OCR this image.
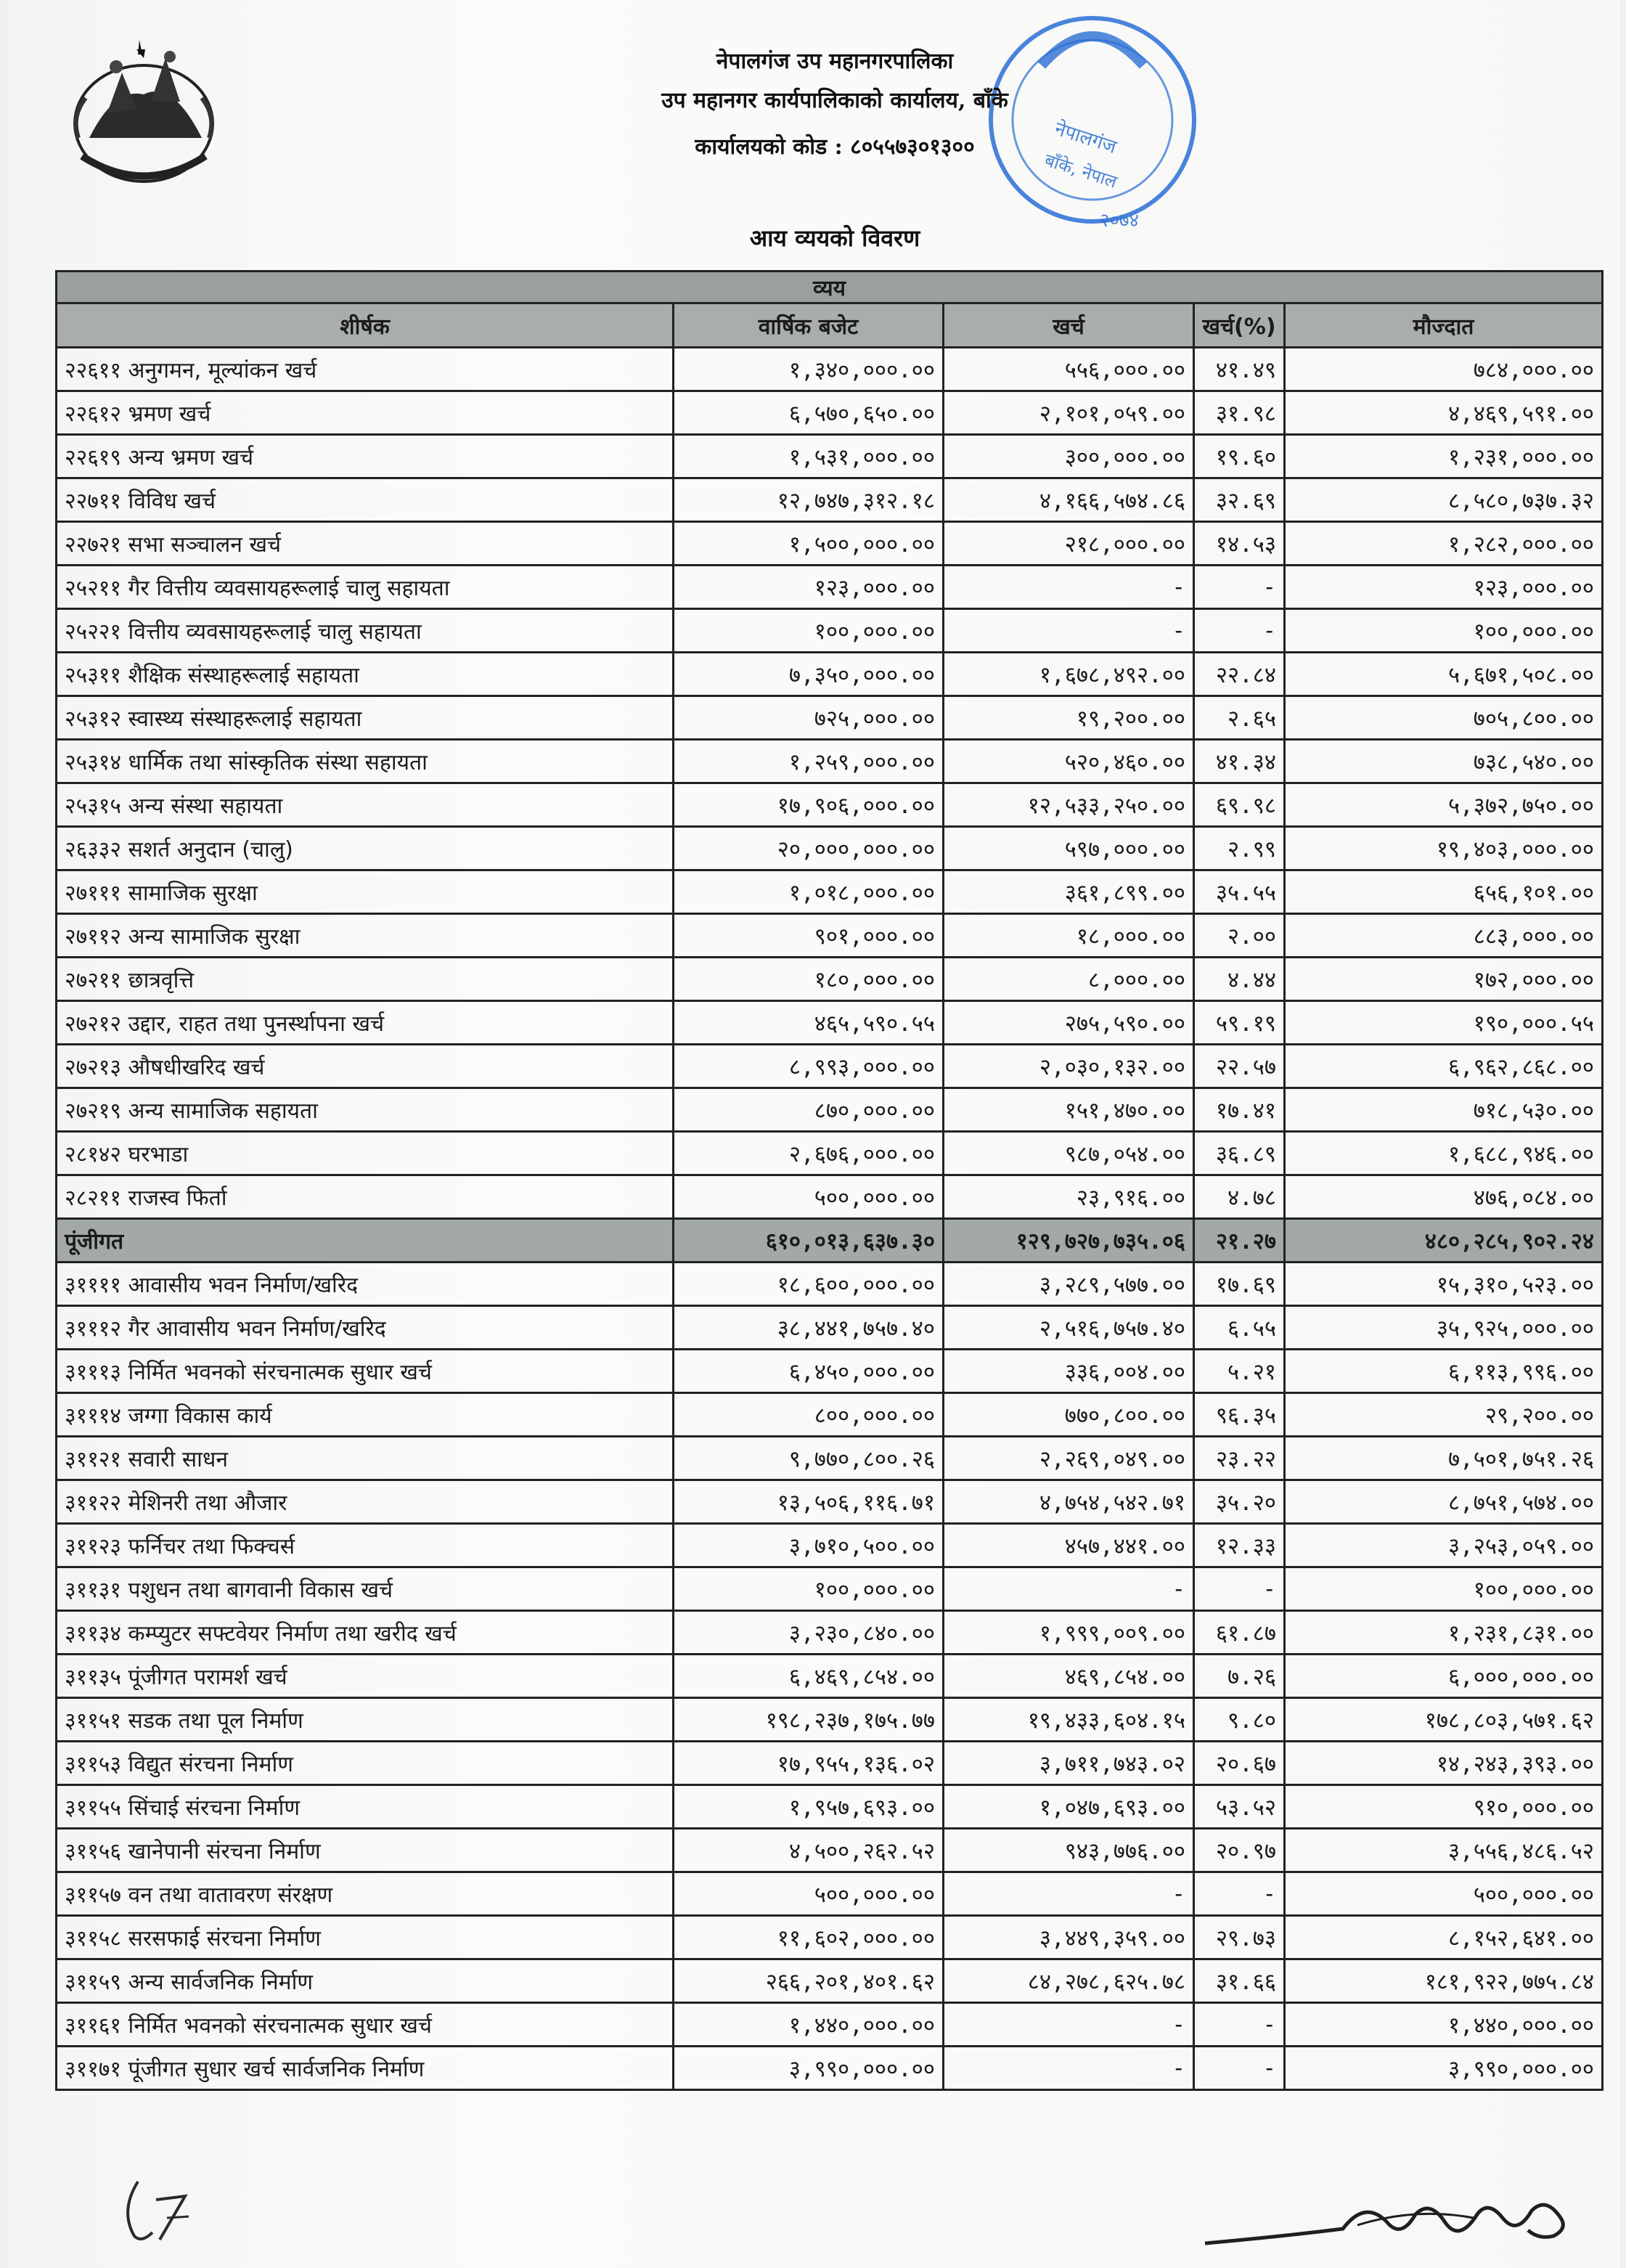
नेपालगंज
बाँके, नेपाल
२०७४
नेपालगंज उप महानगरपालिका
उप महानगर कार्यपालिकाको कार्यालय, बाँके
कार्यालयको कोड : ८०५५७३०१३००
आय व्ययको विवरण
व्यय				
शीर्षक	वार्षिक बजेट	खर्च	खर्च(%)	मौज्दात
२२६११ अनुगमन, मूल्यांकन खर्च	१,३४०,०००.००	५५६,०००.००	४१.४९	७८४,०००.००
२२६१२ भ्रमण खर्च	६,५७०,६५०.००	२,१०१,०५९.००	३१.९८	४,४६९,५९१.००
२२६१९ अन्य भ्रमण खर्च	१,५३१,०००.००	३००,०००.००	१९.६०	१,२३१,०००.००
२२७११ विविध खर्च	१२,७४७,३१२.१८	४,१६६,५७४.८६	३२.६९	८,५८०,७३७.३२
२२७२१ सभा सञ्चालन खर्च	१,५००,०००.००	२१८,०००.००	१४.५३	१,२८२,०००.००
२५२११ गैर वित्तीय व्यवसायहरूलाई चालु सहायता	१२३,०००.००	-	-	१२३,०००.००
२५२२१ वित्तीय व्यवसायहरूलाई चालु सहायता	१००,०००.००	-	-	१००,०००.००
२५३११ शैक्षिक संस्थाहरूलाई सहायता	७,३५०,०००.००	१,६७८,४९२.००	२२.८४	५,६७१,५०८.००
२५३१२ स्वास्थ्य संस्थाहरूलाई सहायता	७२५,०००.००	१९,२००.००	२.६५	७०५,८००.००
२५३१४ धार्मिक तथा सांस्कृतिक संस्था सहायता	१,२५९,०००.००	५२०,४६०.००	४१.३४	७३८,५४०.००
२५३१५ अन्य संस्था सहायता	१७,९०६,०००.००	१२,५३३,२५०.००	६९.९८	५,३७२,७५०.००
२६३३२ सशर्त अनुदान (चालु)	२०,०००,०००.००	५९७,०००.००	२.९९	१९,४०३,०००.००
२७१११ सामाजिक सुरक्षा	१,०१८,०००.००	३६१,८९९.००	३५.५५	६५६,१०१.००
२७११२ अन्य सामाजिक सुरक्षा	९०१,०००.००	१८,०००.००	२.००	८८३,०००.००
२७२११ छात्रवृत्ति	१८०,०००.००	८,०००.००	४.४४	१७२,०००.००
२७२१२ उद्दार, राहत तथा पुनर्स्थापना खर्च	४६५,५९०.५५	२७५,५९०.००	५९.१९	१९०,०००.५५
२७२१३ औषधीखरिद खर्च	८,९९३,०००.००	२,०३०,१३२.००	२२.५७	६,९६२,८६८.००
२७२१९ अन्य सामाजिक सहायता	८७०,०००.००	१५१,४७०.००	१७.४१	७१८,५३०.००
२८१४२ घरभाडा	२,६७६,०००.००	९८७,०५४.००	३६.८९	१,६८८,९४६.००
२८२११ राजस्व फिर्ता	५००,०००.००	२३,९१६.००	४.७८	४७६,०८४.००
पूंजीगत	६१०,०१३,६३७.३०	१२९,७२७,७३५.०६	२१.२७	४८०,२८५,९०२.२४
३११११ आवासीय भवन निर्माण/खरिद	१८,६००,०००.००	३,२८९,५७७.००	१७.६९	१५,३१०,५२३.००
३१११२ गैर आवासीय भवन निर्माण/खरिद	३८,४४१,७५७.४०	२,५१६,७५७.४०	६.५५	३५,९२५,०००.००
३१११३ निर्मित भवनको संरचनात्मक सुधार खर्च	६,४५०,०००.००	३३६,००४.००	५.२१	६,११३,९९६.००
३१११४ जग्गा विकास कार्य	८००,०००.००	७७०,८००.००	९६.३५	२९,२००.००
३११२१ सवारी साधन	९,७७०,८००.२६	२,२६९,०४९.००	२३.२२	७,५०१,७५१.२६
३११२२ मेशिनरी तथा औजार	१३,५०६,११६.७१	४,७५४,५४२.७१	३५.२०	८,७५१,५७४.००
३११२३ फर्निचर तथा फिक्चर्स	३,७१०,५००.००	४५७,४४१.००	१२.३३	३,२५३,०५९.००
३११३१ पशुधन तथा बागवानी विकास खर्च	१००,०००.००	-	-	१००,०००.००
३११३४ कम्प्युटर सफ्टवेयर निर्माण तथा खरीद खर्च	३,२३०,८४०.००	१,९९९,००९.००	६१.८७	१,२३१,८३१.००
३११३५ पूंजीगत परामर्श खर्च	६,४६९,८५४.००	४६९,८५४.००	७.२६	६,०००,०००.००
३११५१ सडक तथा पूल निर्माण	१९८,२३७,१७५.७७	१९,४३३,६०४.१५	९.८०	१७८,८०३,५७१.६२
३११५३ विद्युत संरचना निर्माण	१७,९५५,१३६.०२	३,७११,७४३.०२	२०.६७	१४,२४३,३९३.००
३११५५ सिंचाई संरचना निर्माण	१,९५७,६९३.००	१,०४७,६९३.००	५३.५२	९१०,०००.००
३११५६ खानेपानी संरचना निर्माण	४,५००,२६२.५२	९४३,७७६.००	२०.९७	३,५५६,४८६.५२
३११५७ वन तथा वातावरण संरक्षण	५००,०००.००	-	-	५००,०००.००
३११५८ सरसफाई संरचना निर्माण	११,६०२,०००.००	३,४४९,३५९.००	२९.७३	८,१५२,६४१.००
३११५९ अन्य सार्वजनिक निर्माण	२६६,२०१,४०१.६२	८४,२७८,६२५.७८	३१.६६	१८१,९२२,७७५.८४
३११६१ निर्मित भवनको संरचनात्मक सुधार खर्च	१,४४०,०००.००	-	-	१,४४०,०००.००
३११७१ पूंजीगत सुधार खर्च सार्वजनिक निर्माण	३,९९०,०००.००	-	-	३,९९०,०००.००
